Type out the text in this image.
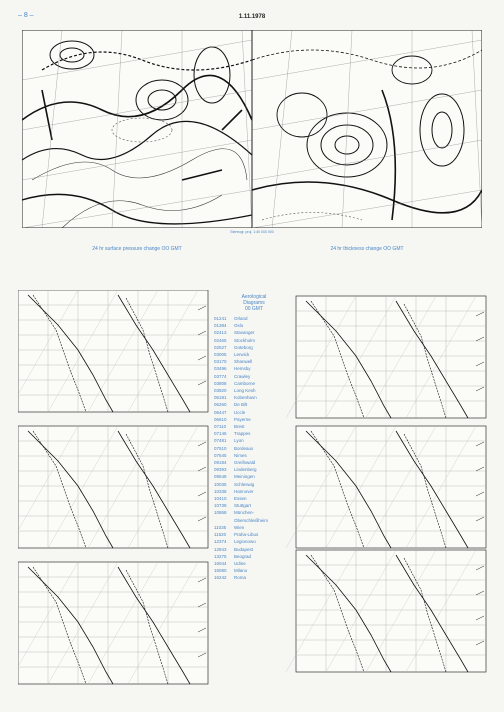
– 8 –	1.11.1978
Stereogr. proj. 1:40 000 000
24 hr surface pressure change OO GMT	24 hr thickness change OO GMT
Aerological
Diagrams
00 GMT
01241	Orland
01384	Oslo
02413	Stavanger
02465	Stockholm
02527	Goteborg
03005	Lerwick
03170	Shanwell
03496	Hemsby
03774	Crawley
03808	Camborne
03920	Long Kesh
06181	Kobenhavn
06260	De Bilt
06447	Uccle
06610	Payerne
07110	Brest
07145	Trappes
07481	Lyon
07510	Bordeaux
07645	Nimes
09184	Greifswald
09393	Lindenberg
09548	Meiningen
10035	Schleswig
10338	Hannover
10410	Essen
10739	Stuttgart
10868	München-
Oberschleißheim
11035	Wien
11520	Praha-Libus
12374	Legionowo
12843	Budapest
13275	Beograd
16044	Udine
16080	Milano
16242	Roma
